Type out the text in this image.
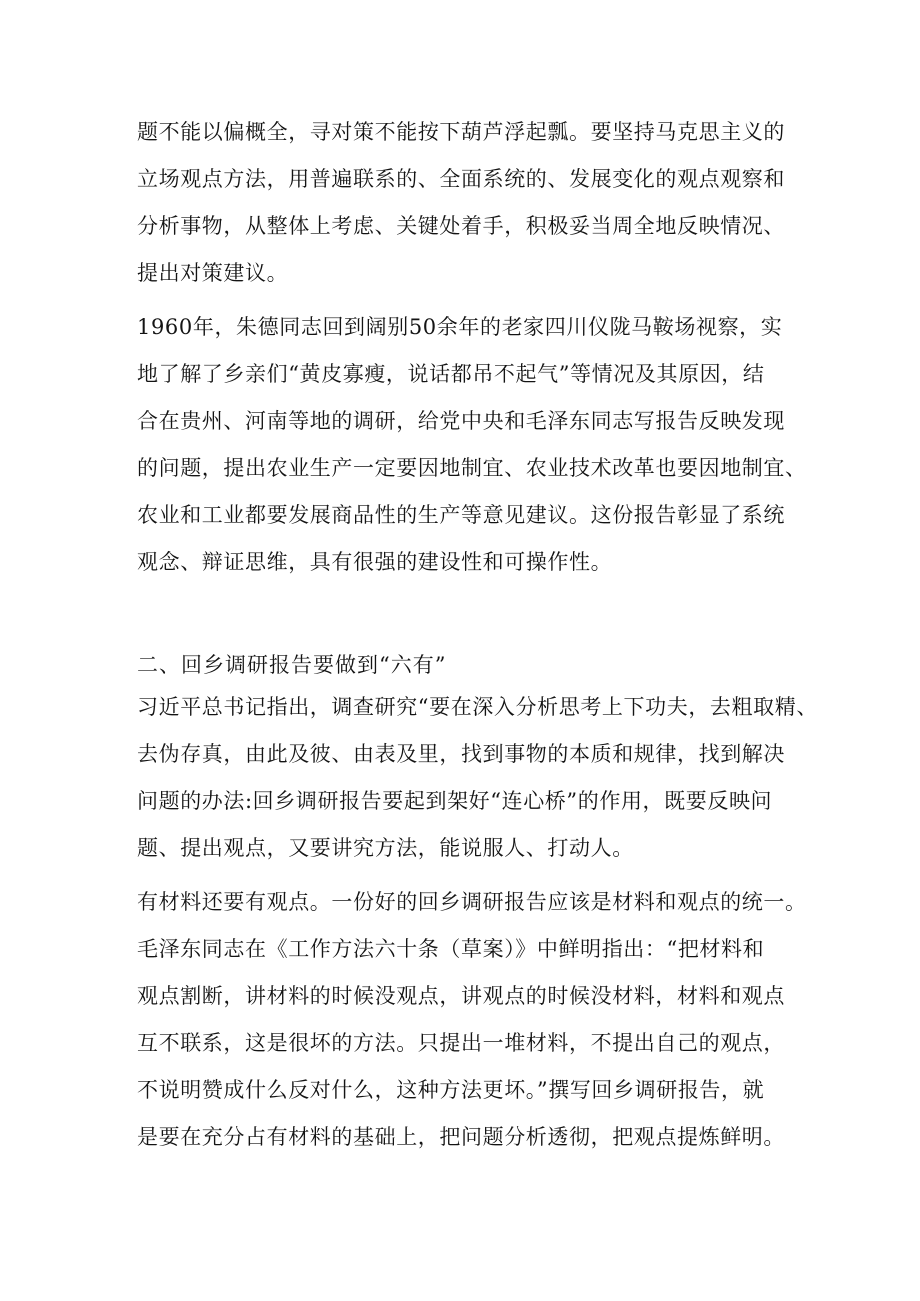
题不能以偏概全，寻对策不能按下葫芦浮起瓢。要坚持马克思主义的
立场观点方法，用普遍联系的、全面系统的、发展变化的观点观察和
分析事物，从整体上考虑、关键处着手，积极妥当周全地反映情况、
提出对策建议。
1960年，朱德同志回到阔别50余年的老家四川仪陇马鞍场视察，实
地了解了乡亲们“黄皮寡瘦，说话都吊不起气”等情况及其原因，结
合在贵州、河南等地的调研，给党中央和毛泽东同志写报告反映发现
的问题，提出农业生产一定要因地制宜、农业技术改革也要因地制宜、
农业和工业都要发展商品性的生产等意见建议。这份报告彰显了系统
观念、辩证思维，具有很强的建设性和可操作性。
二、回乡调研报告要做到“六有”
习近平总书记指出，调查研究“要在深入分析思考上下功夫，去粗取精、
去伪存真，由此及彼、由表及里，找到事物的本质和规律，找到解决
问题的办法:回乡调研报告要起到架好“连心桥”的作用，既要反映问
题、提出观点，又要讲究方法，能说服人、打动人。
有材料还要有观点。一份好的回乡调研报告应该是材料和观点的统一。
毛泽东同志在《工作方法六十条（草案）》中鲜明指出：“把材料和
观点割断，讲材料的时候没观点，讲观点的时候没材料，材料和观点
互不联系，这是很坏的方法。只提出一堆材料，不提出自己的观点，
不说明赞成什么反对什么，这种方法更坏。”撰写回乡调研报告，就
是要在充分占有材料的基础上，把问题分析透彻，把观点提炼鲜明。
